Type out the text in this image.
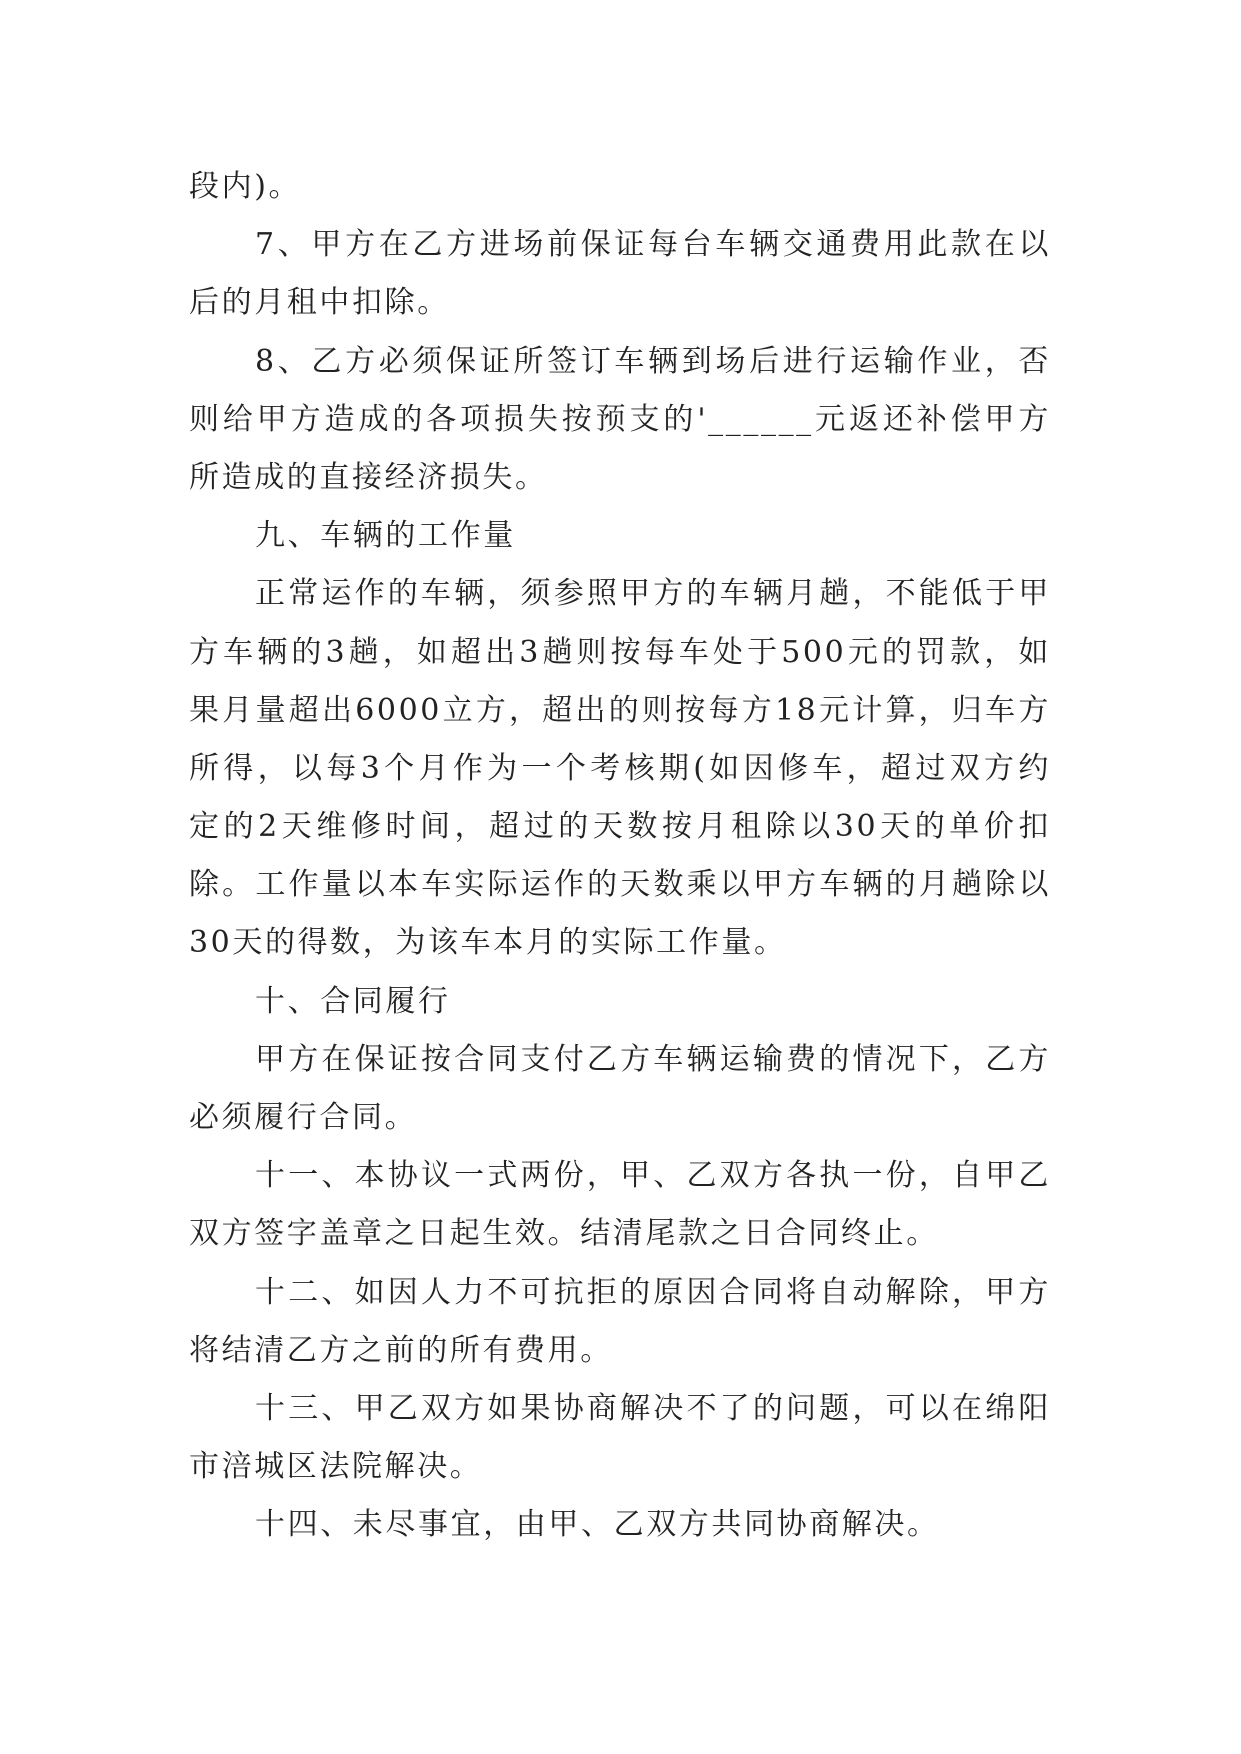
段内)。
7、甲方在乙方进场前保证每台车辆交通费用此款在以
后的月租中扣除。
8、乙方必须保证所签订车辆到场后进行运输作业，否
则给甲方造成的各项损失按预支的'______元返还补偿甲方
所造成的直接经济损失。
九、车辆的工作量
正常运作的车辆，须参照甲方的车辆月趟，不能低于甲
方车辆的3趟，如超出3趟则按每车处于500元的罚款，如
果月量超出6000立方，超出的则按每方18元计算，归车方
所得，以每3个月作为一个考核期(如因修车，超过双方约
定的2天维修时间，超过的天数按月租除以30天的单价扣
除。工作量以本车实际运作的天数乘以甲方车辆的月趟除以
30天的得数，为该车本月的实际工作量。
十、合同履行
甲方在保证按合同支付乙方车辆运输费的情况下，乙方
必须履行合同。
十一、本协议一式两份，甲、乙双方各执一份，自甲乙
双方签字盖章之日起生效。结清尾款之日合同终止。
十二、如因人力不可抗拒的原因合同将自动解除，甲方
将结清乙方之前的所有费用。
十三、甲乙双方如果协商解决不了的问题，可以在绵阳
市涪城区法院解决。
十四、未尽事宜，由甲、乙双方共同协商解决。
